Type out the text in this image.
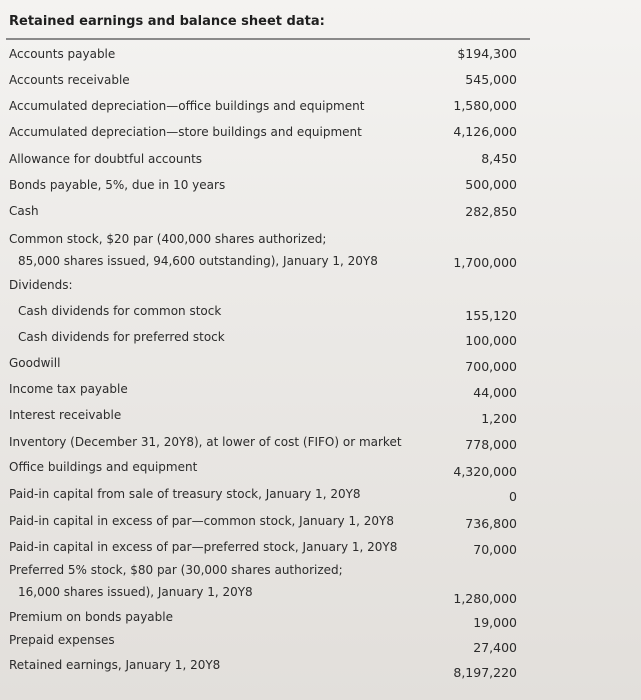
Retained earnings and balance sheet data:
Accounts payable	$194,300
Accounts receivable	545,000
Accumulated depreciation—office buildings and equipment	1,580,000
Accumulated depreciation—store buildings and equipment	4,126,000
Allowance for doubtful accounts	8,450
Bonds payable, 5%, due in 10 years	500,000
Cash	282,850
Common stock, $20 par (400,000 shares authorized;
85,000 shares issued, 94,600 outstanding), January 1, 20Y8	1,700,000
Dividends:
Cash dividends for common stock	155,120
Cash dividends for preferred stock	100,000
Goodwill	700,000
Income tax payable	44,000
Interest receivable	1,200
Inventory (December 31, 20Y8), at lower of cost (FIFO) or market	778,000
Office buildings and equipment	4,320,000
Paid-in capital from sale of treasury stock, January 1, 20Y8	0
Paid-in capital in excess of par—common stock, January 1, 20Y8	736,800
Paid-in capital in excess of par—preferred stock, January 1, 20Y8	70,000
Preferred 5% stock, $80 par (30,000 shares authorized;
16,000 shares issued), January 1, 20Y8	1,280,000
Premium on bonds payable	19,000
Prepaid expenses	27,400
Retained earnings, January 1, 20Y8	8,197,220
